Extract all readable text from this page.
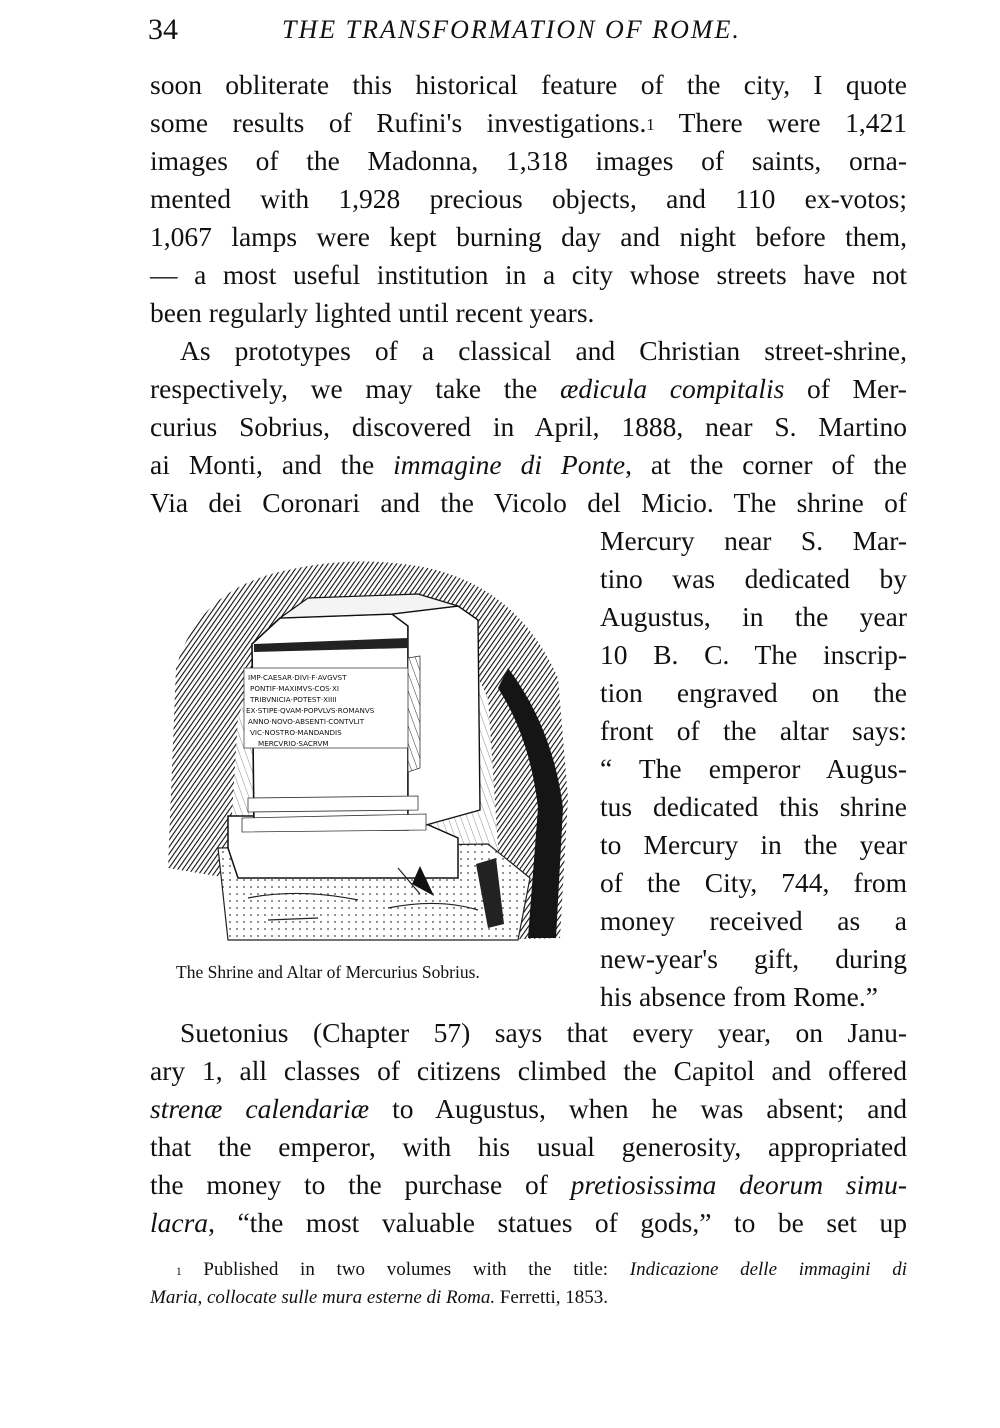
34	THE TRANSFORMATION OF ROME.
soon obliterate this historical feature of the city, I quote
some results of Rufini's investigations.$^1$ There were 1,421
images of the Madonna, 1,318 images of saints, orna-
mented with 1,928 precious objects, and 110 ex-votos;
1,067 lamps were kept burning day and night before them,
— a most useful institution in a city whose streets have not
been regularly lighted until recent years.
As prototypes of a classical and Christian street-shrine,
respectively, we may take the ædicula compitalis of Mer-
curius Sobrius, discovered in April, 1888, near S. Martino
ai Monti, and the immagine di Ponte, at the corner of the
Via dei Coronari and the Vicolo del Micio. The shrine of
Mercury near S. Mar-
tino was dedicated by
Augustus, in the year
10 B. C. The inscrip-
tion engraved on the
front of the altar says:
“ The emperor Augus-
tus dedicated this shrine
to Mercury in the year
of the City, 744, from
money received as a
new-year's gift, during
his absence from Rome.”
IMP·CAESAR·DIVI·F·AVGVST
PONTIF·MAXIMVS·COS·XI
TRIBVNICIA·POTEST·XIIII
EX·STIPE·QVAM·POPVLVS·ROMANVS
ANNO·NOVO·ABSENTI·CONTVLIT
VIC·NOSTRO·MANDANDIS
MERCVRIO·SACRVM
The Shrine and Altar of Mercurius Sobrius.
Suetonius (Chapter 57) says that every year, on Janu-
ary 1, all classes of citizens climbed the Capitol and offered
strenæ calendariæ to Augustus, when he was absent; and
that the emperor, with his usual generosity, appropriated
the money to the purchase of pretiosissima deorum simu-
lacra, “the most valuable statues of gods,” to be set up
$^1$ Published in two volumes with the title: Indicazione delle immagini di
Maria, collocate sulle mura esterne di Roma. Ferretti, 1853.
